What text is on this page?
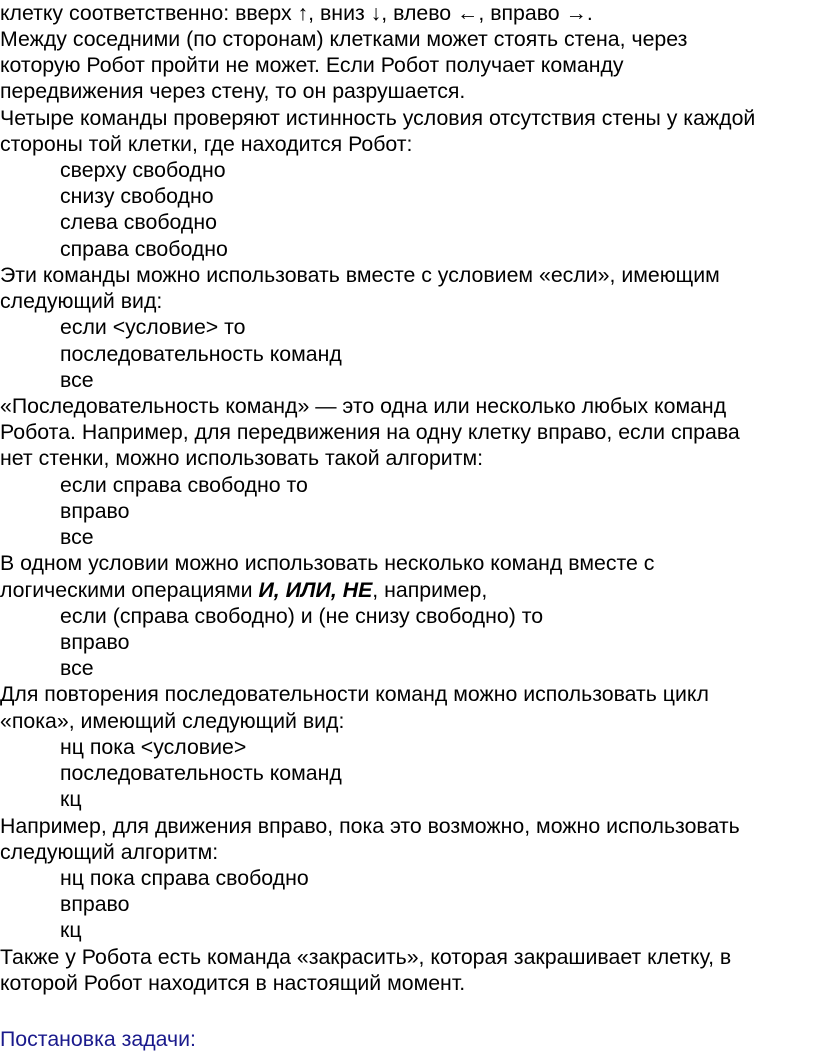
клетку соответственно: вверх ↑, вниз ↓, влево ←, вправо →.
Между соседними (по сторонам) клетками может стоять стена, через
которую Робот пройти не может. Если Робот получает команду
передвижения через стену, то он разрушается.
Четыре команды проверяют истинность условия отсутствия стены у каждой
стороны той клетки, где находится Робот:
сверху свободно
снизу свободно
слева свободно
справа свободно
Эти команды можно использовать вместе с условием «если», имеющим
следующий вид:
если <условие> то
последовательность команд
все
«Последовательность команд» — это одна или несколько любых команд
Робота. Например, для передвижения на одну клетку вправо, если справа
нет стенки, можно использовать такой алгоритм:
если справа свободно то
вправо
все
В одном условии можно использовать несколько команд вместе с
логическими операциями И, ИЛИ, НЕ, например,
если (справа свободно) и (не снизу свободно) то
вправо
все
Для повторения последовательности команд можно использовать цикл
«пока», имеющий следующий вид:
нц пока <условие>
последовательность команд
кц
Например, для движения вправо, пока это возможно, можно использовать
следующий алгоритм:
нц пока справа свободно
вправо
кц
Также у Робота есть команда «закрасить», которая закрашивает клетку, в
которой Робот находится в настоящий момент.
Постановка задачи:
